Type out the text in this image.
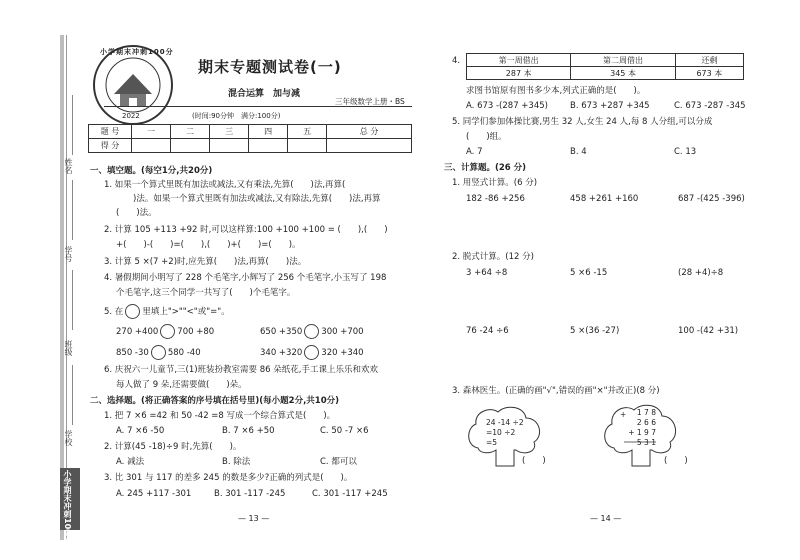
姓名
学号
班级
学校
小学期末冲刺100分
小学期末冲刺100分
2022
期末专题测试卷(一)
混合运算　加与减
三年级数学上册・BS
(时间:90分钟　满分:100分)
题 号	一	二	三	四	五	总 分
得 分						
一、填空题。(每空1分,共20分)
1. 如果一个算式里既有加法或减法,又有乘法,先算(　　)法,再算(
　　)法。如果一个算式里既有加法或减法,又有除法,先算(　　)法,再算
(　　)法。
2. 计算 105 +113 +92 时,可以这样算:100 +100 +100 = (　　),(　　)
+(　　)-(　　)=(　　),(　　)+(　　)=(　　)。
3. 计算 5 ×(7 +2)时,应先算(　　)法,再算(　　)法。
4. 暑假期间小明写了 228 个毛笔字,小辉写了 256 个毛笔字,小玉写了 198
个毛笔字,这三个同学一共写了(　　)个毛笔字。
5. 在 里填上">""<"或"="。
270 +400 700 +80	650 +350 300 +700
850 -30 580 -40	340 +320 320 +340
6. 庆祝六一儿童节,三(1)班装扮教室需要 86 朵纸花,手工课上乐乐和欢欢
每人做了 9 朵,还需要做(　　)朵。
二、选择题。(将正确答案的序号填在括号里)(每小题2分,共10分)
1. 把 7 ×6 =42 和 50 -42 =8 写成一个综合算式是(　　)。
A. 7 ×6 -50	B. 7 ×6 +50	C. 50 -7 ×6
2. 计算(45 -18)÷9 时,先算(　　)。
A. 减法	B. 除法	C. 都可以
3. 比 301 与 117 的差多 245 的数是多少?正确的列式是(　　)。
A. 245 +117 -301	B. 301 -117 -245	C. 301 -117 +245
— 13 —
4.	第一周借出	第二周借出	还剩
287 本	345 本	673 本
求图书馆原有图书多少本,列式正确的是(　　)。
A. 673 -(287 +345)	B. 673 +287 +345	C. 673 -287 -345
5. 同学们参加体操比赛,男生 32 人,女生 24 人,每 8 人分组,可以分成
(　　)组。
A. 7	B. 4	C. 13
三、计算题。(26 分)
1. 用竖式计算。(6 分)
182 -86 +256	458 +261 +160	687 -(425 -396)
2. 脱式计算。(12 分)
3 +64 ÷8	5 ×6 -15	(28 +4)÷8
76 -24 ÷6	5 ×(36 -27)	100 -(42 +31)
3. 森林医生。(正确的画"√",错误的画"×"并改正)(8 分)
24 -14 ÷2
=10 ÷2
=5
(　　)
1 7 8
2 6 6
+ 1 9 7
5 3 1
+
(　　)
— 14 —
